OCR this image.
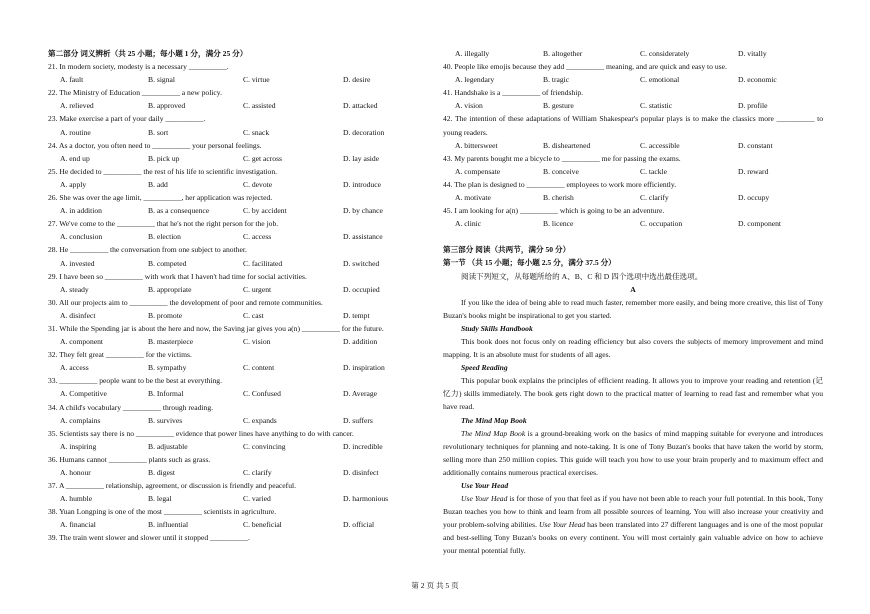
第二部分 词义辨析（共 25 小题；每小题 1 分，满分 25 分）
21. In modern society, modesty is a necessary __________.
A. fault	B. signal	C. virtue	D. desire
22. The Ministry of Education __________ a new policy.
A. relieved	B. approved	C. assisted	D. attacked
23. Make exercise a part of your daily __________.
A. routine	B. sort	C. snack	D. decoration
24. As a doctor, you often need to __________ your personal feelings.
A. end up	B. pick up	C. get across	D. lay aside
25. He decided to __________ the rest of his life to scientific investigation.
A. apply	B. add	C. devote	D. introduce
26. She was over the age limit, __________, her application was rejected.
A. in addition	B. as a consequence	C. by accident	D. by chance
27. We've come to the __________ that he's not the right person for the job.
A. conclusion	B. election	C. access	D. assistance
28. He __________ the conversation from one subject to another.
A. invested	B. competed	C. facilitated	D. switched
29. I have been so __________ with work that I haven't had time for social activities.
A. steady	B. appropriate	C. urgent	D. occupied
30. All our projects aim to __________ the development of poor and remote communities.
A. disinfect	B. promote	C. cast	D. tempt
31. While the Spending jar is about the here and now, the Saving jar gives you a(n) __________ for the future.
A. component	B. masterpiece	C. vision	D. addition
32. They felt great __________ for the victims.
A. access	B. sympathy	C. content	D. inspiration
33. __________ people want to be the best at everything.
A. Competitive	B. Informal	C. Confused	D. Average
34. A child's vocabulary __________ through reading.
A. complains	B. survives	C. expands	D. suffers
35. Scientists say there is no __________ evidence that power lines have anything to do with cancer.
A. inspiring	B. adjustable	C. convincing	D. incredible
36. Humans cannot __________ plants such as grass.
A. honour	B. digest	C. clarify	D. disinfect
37. A __________ relationship, agreement, or discussion is friendly and peaceful.
A. humble	B. legal	C. varied	D. harmonious
38. Yuan Longping is one of the most __________ scientists in agriculture.
A. financial	B. influential	C. beneficial	D. official
39. The train went slower and slower until it stopped __________.
A. illegally	B. altogether	C. considerately	D. vitally
40. People like emojis because they add __________ meaning, and are quick and easy to use.
A. legendary	B. tragic	C. emotional	D. economic
41. Handshake is a __________ of friendship.
A. vision	B. gesture	C. statistic	D. profile
42. The intention of these adaptations of William Shakespear's popular plays is to make the classics more __________ to young readers.
A. bittersweet	B. disheartened	C. accessible	D. constant
43. My parents bought me a bicycle to __________ me for passing the exams.
A. compensate	B. conceive	C. tackle	D. reward
44. The plan is designed to __________ employees to work more efficiently.
A. motivate	B. cherish	C. clarify	D. occupy
45. I am looking for a(n) __________ which is going to be an adventure.
A. clinic	B. licence	C. occupation	D. component
第三部分 阅读（共两节，满分 50 分）
第一节 （共 15 小题；每小题 2.5 分，满分 37.5 分）
阅读下列短文，从每题所给的 A、B、C 和 D 四个选项中选出最佳选项。
A
If you like the idea of being able to read much faster, remember more easily, and being more creative, this list of Tony Buzan's books might be inspirational to get you started.
Study Skills Handbook
This book does not focus only on reading efficiency but also covers the subjects of memory improvement and mind mapping. It is an absolute must for students of all ages.
Speed Reading
This popular book explains the principles of efficient reading. It allows you to improve your reading and retention (记忆力) skills immediately. The book gets right down to the practical matter of learning to read fast and remember what you have read.
The Mind Map Book
The Mind Map Book is a ground-breaking work on the basics of mind mapping suitable for everyone and introduces revolutionary techniques for planning and note-taking. It is one of Tony Buzan's books that have taken the world by storm, selling more than 250 million copies. This guide will teach you how to use your brain properly and to maximum effect and additionally contains numerous practical exercises.
Use Your Head
Use Your Head is for those of you that feel as if you have not been able to reach your full potential. In this book, Tony Buzan teaches you how to think and learn from all possible sources of learning. You will also increase your creativity and your problem-solving abilities. Use Your Head has been translated into 27 different languages and is one of the most popular and best-selling Tony Buzan's books on every continent. You will most certainly gain valuable advice on how to achieve your mental potential fully.
第 2 页 共 5 页
